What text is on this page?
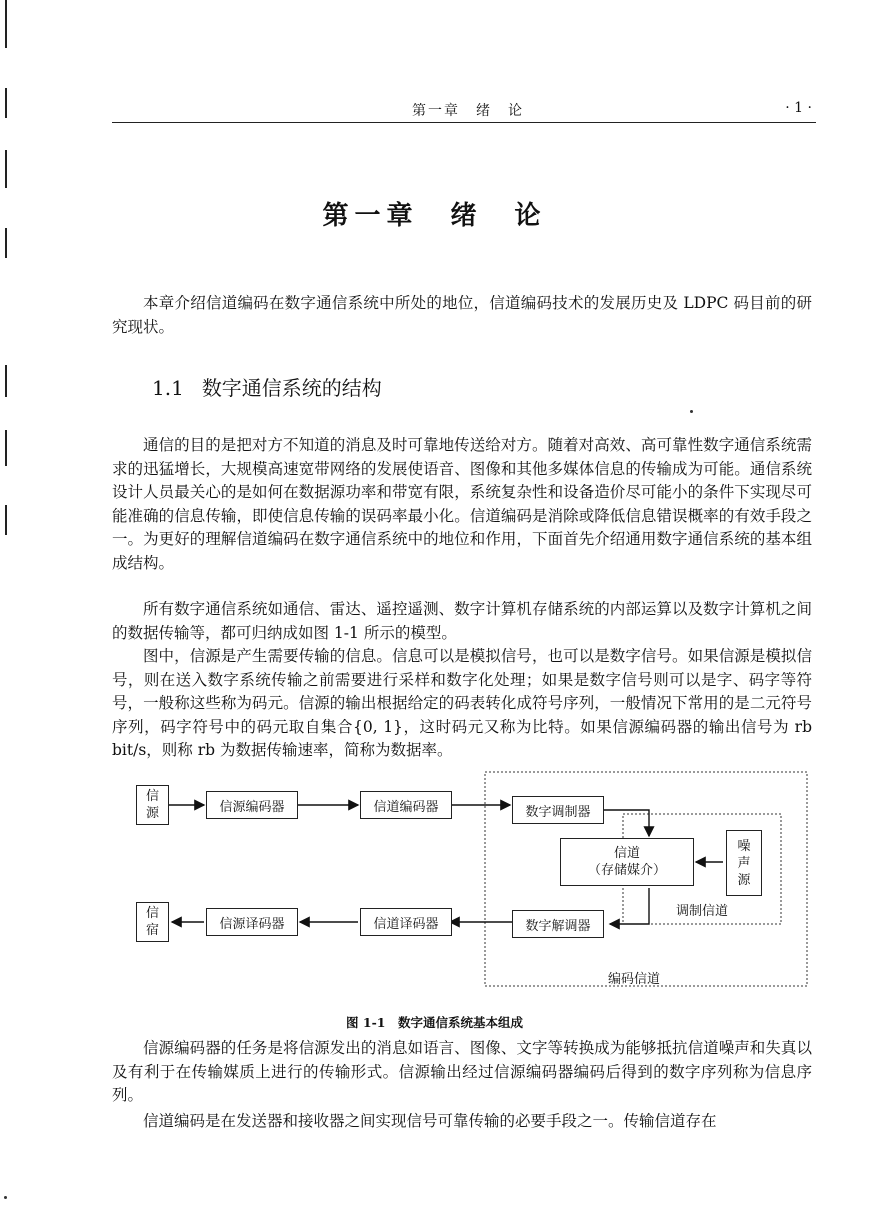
第一章　绪　论	· 1 ·
第一章　绪　论

本章介绍信道编码在数字通信系统中所处的地位，信道编码技术的发展历史及 LDPC 码目前的研究现状。

1.1 数字通信系统的结构

通信的目的是把对方不知道的消息及时可靠地传送给对方。随着对高效、高可靠性数字通信系统需求的迅猛增长，大规模高速宽带网络的发展使语音、图像和其他多媒体信息的传输成为可能。通信系统设计人员最关心的是如何在数据源功率和带宽有限，系统复杂性和设备造价尽可能小的条件下实现尽可能准确的信息传输，即使信息传输的误码率最小化。信道编码是消除或降低信息错误概率的有效手段之一。为更好的理解信道编码在数字通信系统中的地位和作用，下面首先介绍通用数字通信系统的基本组成结构。

所有数字通信系统如通信、雷达、遥控遥测、数字计算机存储系统的内部运算以及数字计算机之间的数据传输等，都可归纳成如图 1-1 所示的模型。

图中，信源是产生需要传输的信息。信息可以是模拟信号，也可以是数字信号。如果信源是模拟信号，则在送入数字系统传输之前需要进行采样和数字化处理；如果是数字信号则可以是字、码字等符号，一般称这些称为码元。信源的输出根据给定的码表转化成符号序列，一般情况下常用的是二元符号序列，码字符号中的码元取自集合{0, 1}，这时码元又称为比特。如果信源编码器的输出信号为 rb bit/s，则称 rb 为数据传输速率，简称为数据率。

信源	信源编码器	信道编码器	数字调制器
信道
（存储媒介）
噪声源
调制信道
数字解调器
信道译码器
信源译码器
信宿
编码信道
图 1-1　数字通信系统基本组成

信源编码器的任务是将信源发出的消息如语言、图像、文字等转换成为能够抵抗信道噪声和失真以及有利于在传输媒质上进行的传输形式。信源输出经过信源编码器编码后得到的数字序列称为信息序列。

信道编码是在发送器和接收器之间实现信号可靠传输的必要手段之一。传输信道存在
